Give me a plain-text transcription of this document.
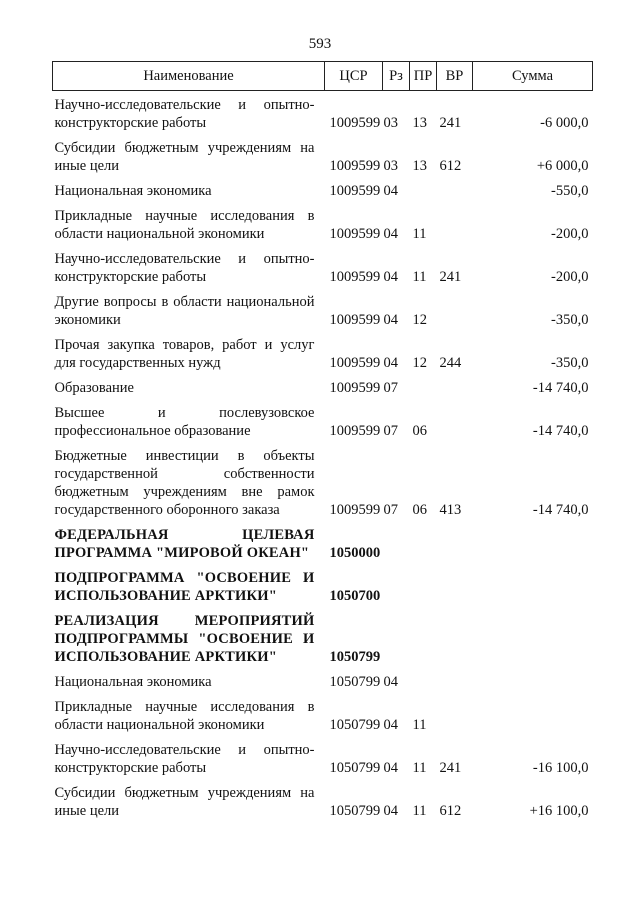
593
Наименование	ЦСР	Рз	ПР	ВР	Сумма
Научно-исследовательские и опытно-конструкторские работы	1009599	03	13	241	-6 000,0
Субсидии бюджетным учреждениям на иные цели	1009599	03	13	612	+6 000,0
Национальная экономика	1009599	04			-550,0
Прикладные научные исследования в области национальной экономики	1009599	04	11		-200,0
Научно-исследовательские и опытно-конструкторские работы	1009599	04	11	241	-200,0
Другие вопросы в области национальной экономики	1009599	04	12		-350,0
Прочая закупка товаров, работ и услуг для государственных нужд	1009599	04	12	244	-350,0
Образование	1009599	07			-14 740,0
Высшее и послевузовское профессиональное образование	1009599	07	06		-14 740,0
Бюджетные инвестиции в объекты государственной собственности бюджетным учреждениям вне рамок государственного оборонного заказа	1009599	07	06	413	-14 740,0
ФЕДЕРАЛЬНАЯ ЦЕЛЕВАЯ ПРОГРАММА "МИРОВОЙ ОКЕАН"	1050000				
ПОДПРОГРАММА "ОСВОЕНИЕ И ИСПОЛЬЗОВАНИЕ АРКТИКИ"	1050700				
РЕАЛИЗАЦИЯ МЕРОПРИЯТИЙ ПОДПРОГРАММЫ "ОСВОЕНИЕ И ИСПОЛЬЗОВАНИЕ АРКТИКИ"	1050799				
Национальная экономика	1050799	04			
Прикладные научные исследования в области национальной экономики	1050799	04	11		
Научно-исследовательские и опытно-конструкторские работы	1050799	04	11	241	-16 100,0
Субсидии бюджетным учреждениям на иные цели	1050799	04	11	612	+16 100,0
